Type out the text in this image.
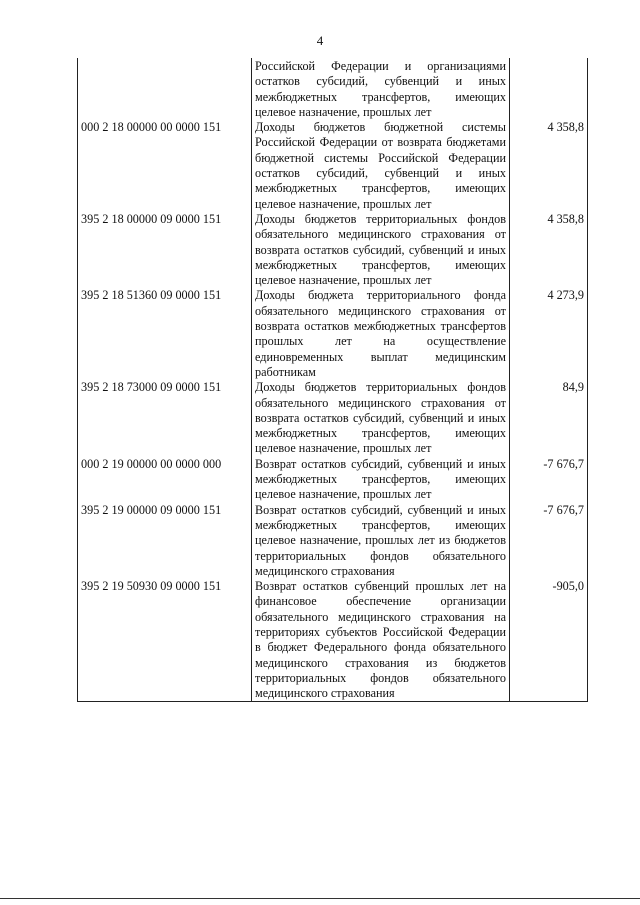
4
	Российской Федерации и организациями остатков субсидий, субвенций и иных межбюджетных трансфертов, имеющих целевое назначение, прошлых лет	
000 2 18 00000 00 0000 151	Доходы бюджетов бюджетной системы Российской Федерации от возврата бюджетами бюджетной системы Российской Федерации остатков субсидий, субвенций и иных межбюджетных трансфертов, имеющих целевое назначение, прошлых лет	4 358,8
395 2 18 00000 09 0000 151	Доходы бюджетов территориальных фондов обязательного медицинского страхования от возврата остатков субсидий, субвенций и иных межбюджетных трансфертов, имеющих целевое назначение, прошлых лет	4 358,8
395 2 18 51360 09 0000 151	Доходы бюджета территориального фонда обязательного медицинского страхования от возврата остатков межбюджетных трансфертов прошлых лет на осуществление единовременных выплат медицинским работникам	4 273,9
395 2 18 73000 09 0000 151	Доходы бюджетов территориальных фондов обязательного медицинского страхования от возврата остатков субсидий, субвенций и иных межбюджетных трансфертов, имеющих целевое назначение, прошлых лет	84,9
000 2 19 00000 00 0000 000	Возврат остатков субсидий, субвенций и иных межбюджетных трансфертов, имеющих целевое назначение, прошлых лет	-7 676,7
395 2 19 00000 09 0000 151	Возврат остатков субсидий, субвенций и иных межбюджетных трансфертов, имеющих целевое назначение, прошлых лет из бюджетов территориальных фондов обязательного медицинского страхования	-7 676,7
395 2 19 50930 09 0000 151	Возврат остатков субвенций прошлых лет на финансовое обеспечение организации обязательного медицинского страхования на территориях субъектов Российской Федерации в бюджет Федерального фонда обязательного медицинского страхования из бюджетов территориальных фондов обязательного медицинского страхования	-905,0
